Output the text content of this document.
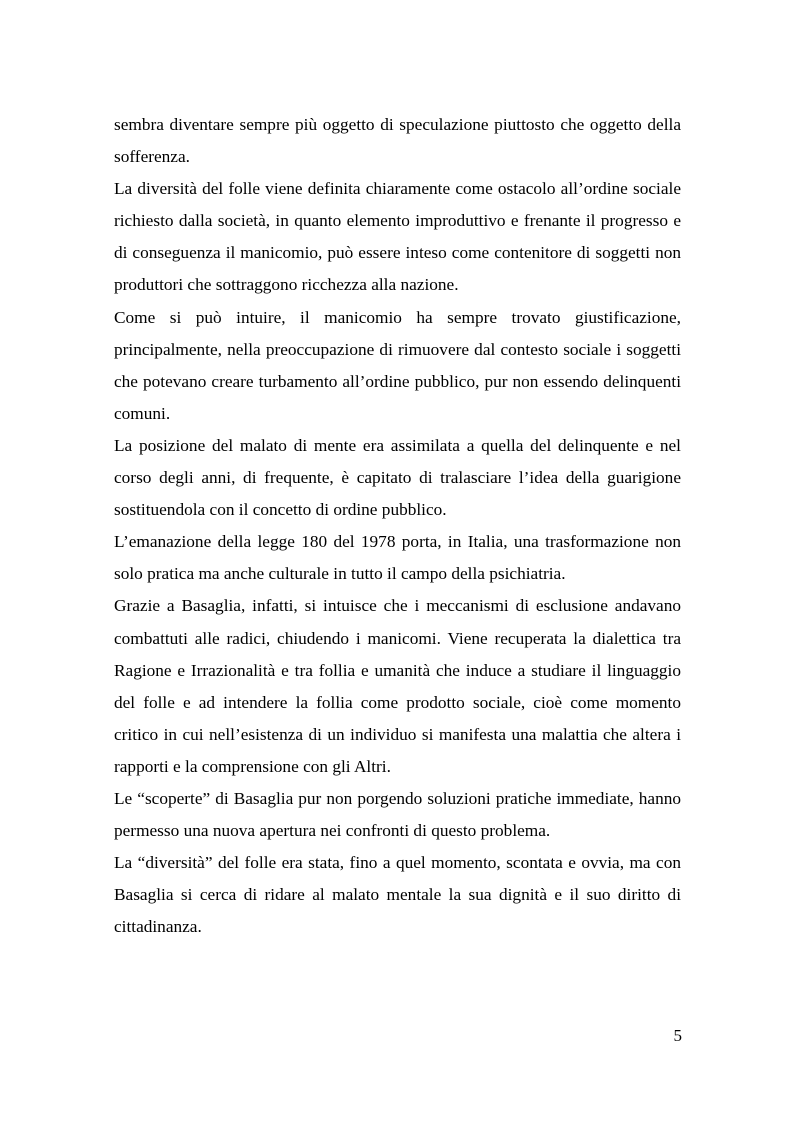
sembra diventare sempre più oggetto di speculazione piuttosto che oggetto della sofferenza.

La diversità del folle viene definita chiaramente come ostacolo all’ordine sociale richiesto dalla società, in quanto elemento improduttivo e frenante il progresso e di conseguenza il manicomio, può essere inteso come contenitore di soggetti non produttori che sottraggono ricchezza alla nazione.

Come si può intuire, il manicomio ha sempre trovato giustificazione, principalmente, nella preoccupazione di rimuovere dal contesto sociale i soggetti che potevano creare turbamento all’ordine pubblico, pur non essendo delinquenti comuni.

La posizione del malato di mente era assimilata a quella del delinquente e nel corso degli anni, di frequente, è capitato di tralasciare l’idea della guarigione sostituendola con il concetto di ordine pubblico.

L’emanazione della legge 180 del 1978 porta, in Italia, una trasformazione non solo pratica ma anche culturale in tutto il campo della psichiatria.

Grazie a Basaglia, infatti, si intuisce che i meccanismi di esclusione andavano combattuti alle radici, chiudendo i manicomi. Viene recuperata la dialettica tra Ragione e Irrazionalità e tra follia e umanità che induce a studiare il linguaggio del folle e ad intendere la follia come prodotto sociale, cioè come momento critico in cui nell’esistenza di un individuo si manifesta una malattia che altera i rapporti e la comprensione con gli Altri.

Le “scoperte” di Basaglia pur non porgendo soluzioni pratiche immediate, hanno permesso una nuova apertura nei confronti di questo problema.

La “diversità” del folle era stata, fino a quel momento, scontata e ovvia, ma con Basaglia si cerca di ridare al malato mentale la sua dignità e il suo diritto di cittadinanza.

5
